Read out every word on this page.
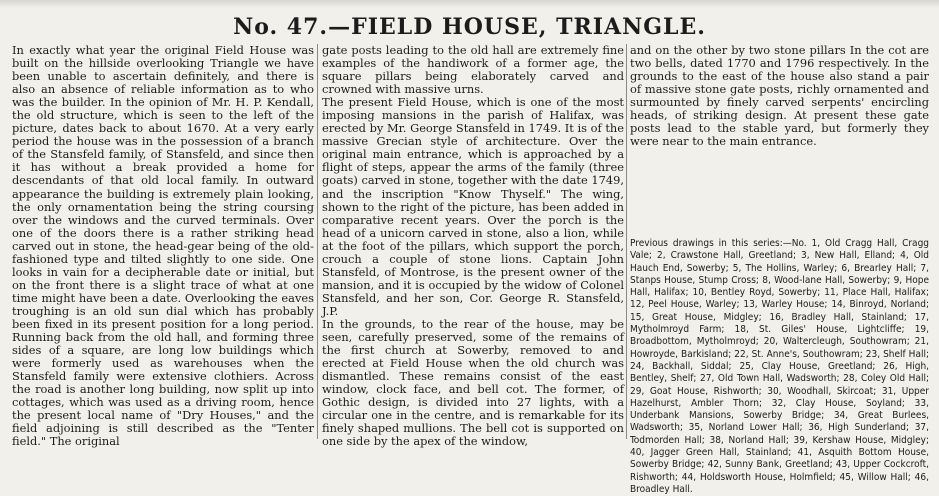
No. 47.—FIELD HOUSE, TRIANGLE.

In exactly what year the original Field House was built on the hillside overlooking Triangle we have been unable to ascertain definitely, and there is also an absence of reliable information as to who was the builder. In the opinion of Mr. H. P. Kendall, the old structure, which is seen to the left of the picture, dates back to about 1670. At a very early period the house was in the possession of a branch of the Stansfeld family, of Stansfeld, and since then it has without a break provided a home for descendants of that old local family. In outward appearance the building is extremely plain looking, the only ornamentation being the string coursing over the windows and the curved terminals. Over one of the doors there is a rather striking head carved out in stone, the head-gear being of the old-fashioned type and tilted slightly to one side. One looks in vain for a decipherable date or initial, but on the front there is a slight trace of what at one time might have been a date. Overlooking the eaves troughing is an old sun dial which has probably been fixed in its present position for a long period. Running back from the old hall, and forming three sides of a square, are long low buildings which were formerly used as warehouses when the Stansfeld family were extensive clothiers. Across the road is another long building, now split up into cottages, which was used as a driving room, hence the present local name of "Dry Houses," and the field adjoining is still described as the "Tenter field." The original

gate posts leading to the old hall are extremely fine examples of the handiwork of a former age, the square pillars being elaborately carved and crowned with massive urns.
The present Field House, which is one of the most imposing mansions in the parish of Halifax, was erected by Mr. George Stansfeld in 1749. It is of the massive Grecian style of architecture. Over the original main entrance, which is approached by a flight of steps, appear the arms of the family (three goats) carved in stone, together with the date 1749, and the inscription "Know Thyself." The wing, shown to the right of the picture, has been added in comparative recent years. Over the porch is the head of a unicorn carved in stone, also a lion, while at the foot of the pillars, which support the porch, crouch a couple of stone lions. Captain John Stansfeld, of Montrose, is the present owner of the mansion, and it is occupied by the widow of Colonel Stansfeld, and her son, Cor. George R. Stansfeld, J.P.
In the grounds, to the rear of the house, may be seen, carefully preserved, some of the remains of the first church at Sowerby, removed to and erected at Field House when the old church was dismantled. These remains consist of the east window, clock face, and bell cot. The former, of Gothic design, is divided into 27 lights, with a circular one in the centre, and is remarkable for its finely shaped mullions. The bell cot is supported on one side by the apex of the window,

and on the other by two stone pillars In the cot are two bells, dated 1770 and 1796 respectively. In the grounds to the east of the house also stand a pair of massive stone gate posts, richly ornamented and surmounted by finely carved serpents' encircling heads, of striking design. At present these gate posts lead to the stable yard, but formerly they were near to the main entrance.

Previous drawings in this series:—No. 1, Old Cragg Hall, Cragg Vale; 2, Crawstone Hall, Greetland; 3, New Hall, Elland; 4, Old Hauch End, Sowerby; 5, The Hollins, Warley; 6, Brearley Hall; 7, Stanps House, Stump Cross; 8, Wood-lane Hall, Sowerby; 9, Hope Hall, Halifax; 10, Bentley Royd, Sowerby; 11, Place Hall, Halifax; 12, Peel House, Warley; 13, Warley House; 14, Binroyd, Norland; 15, Great House, Midgley; 16, Bradley Hall, Stainland; 17, Mytholmroyd Farm; 18, St. Giles' House, Lightcliffe; 19, Broadbottom, Mytholmroyd; 20, Waltercleugh, Southowram; 21, Howroyde, Barkisland; 22, St. Anne's, Southowram; 23, Shelf Hall; 24, Backhall, Siddal; 25, Clay House, Greetland; 26, High, Bentley, Shelf; 27, Old Town Hall, Wadsworth; 28, Coley Old Hall; 29, Goat House, Rishworth; 30, Woodhall, Skircoat; 31, Upper Hazelhurst, Ambler Thorn; 32, Clay House, Soyland; 33, Underbank Mansions, Sowerby Bridge; 34, Great Burlees, Wadsworth; 35, Norland Lower Hall; 36, High Sunderland; 37, Todmorden Hall; 38, Norland Hall; 39, Kershaw House, Midgley; 40, Jagger Green Hall, Stainland; 41, Asquith Bottom House, Sowerby Bridge; 42, Sunny Bank, Greetland; 43, Upper Cockcroft, Rishworth; 44, Holdsworth House, Holmfield; 45, Willow Hall; 46, Broadley Hall.
